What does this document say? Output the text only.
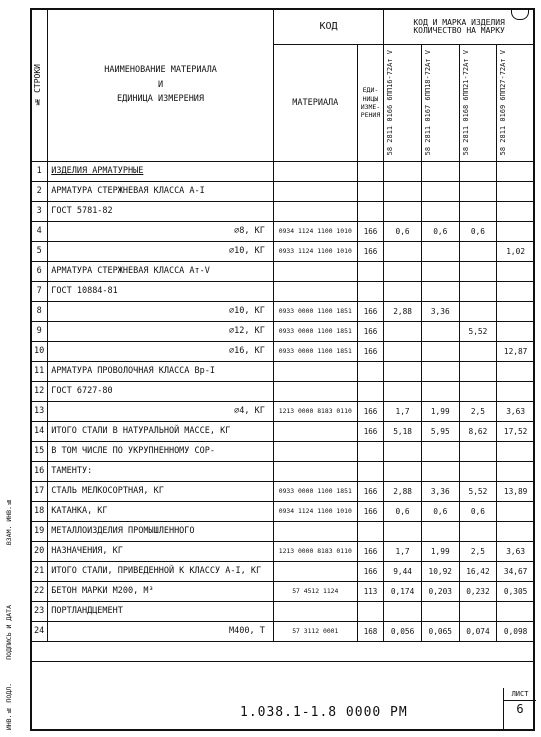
№ СТРОКИ	НАИМЕНОВАНИЕ МАТЕРИАЛА
И
ЕДИНИЦА ИЗМЕРЕНИЯ	КОД		КОД И МАРКА ИЗДЕЛИЯ КОЛИЧЕСТВО НА МАРКУ			
		МАТЕРИАЛА	ЕДИ-НИЦЫ ИЗМЕ-РЕНИЯ	58 2811 0166 6ПП16-72Ат V	58 2811 0167 6ПП18-72Ат V	58 2811 0168 6ПП21-72Ат V	58 2811 0169 6ПП27-72Ат V

1	ИЗДЕЛИЯ АРМАТУРНЫЕ						
2	АРМАТУРА СТЕРЖНЕВАЯ КЛАССА А-I						
3	ГОСТ 5781-82						
4	⌀8, КГ	0934 1124 1100 1010	166	0,6	0,6	0,6	
5	⌀10, КГ	0933 1124 1100 1010	166				1,02
6	АРМАТУРА СТЕРЖНЕВАЯ КЛАССА Ат-V						
7	ГОСТ 10884-81						
8	⌀10, КГ	0933 0000 1100 1851	166	2,88	3,36		
9	⌀12, КГ	0933 0000 1100 1851	166			5,52	
10	⌀16, КГ	0933 0000 1100 1851	166				12,87
11	АРМАТУРА ПРОВОЛОЧНАЯ КЛАССА Вр-I						
12	ГОСТ 6727-80						
13	⌀4, КГ	1213 0000 8183 0110	166	1,7	1,99	2,5	3,63
14	ИТОГО СТАЛИ В НАТУРАЛЬНОЙ МАССЕ, КГ		166	5,18	5,95	8,62	17,52
15	В ТОМ ЧИСЛЕ ПО УКРУПНЕННОМУ СОР-						
16	ТАМЕНТУ:						
17	СТАЛЬ МЕЛКОСОРТНАЯ, КГ	0933 0000 1100 1851	166	2,88	3,36	5,52	13,89
18	КАТАНКА, КГ	0934 1124 1100 1010	166	0,6	0,6	0,6	
19	МЕТАЛЛОИЗДЕЛИЯ ПРОМЫШЛЕННОГО						
20	НАЗНАЧЕНИЯ, КГ	1213 0000 8183 0110	166	1,7	1,99	2,5	3,63
21	ИТОГО СТАЛИ, ПРИВЕДЕННОЙ К КЛАССУ А-I, КГ		166	9,44	10,92	16,42	34,67
22	БЕТОН МАРКИ М200, М³	57 4512 1124	113	0,174	0,203	0,232	0,305
23	ПОРТЛАНДЦЕМЕНТ						
24	М400, Т	57 3112 0001	168	0,056	0,065	0,074	0,098
ИНВ.№ ПОДЛ.
ПОДПИСЬ И ДАТА
ВЗАМ. ИНВ.№
1.038.1-1.8 0000 PM
ЛИСТ
6
